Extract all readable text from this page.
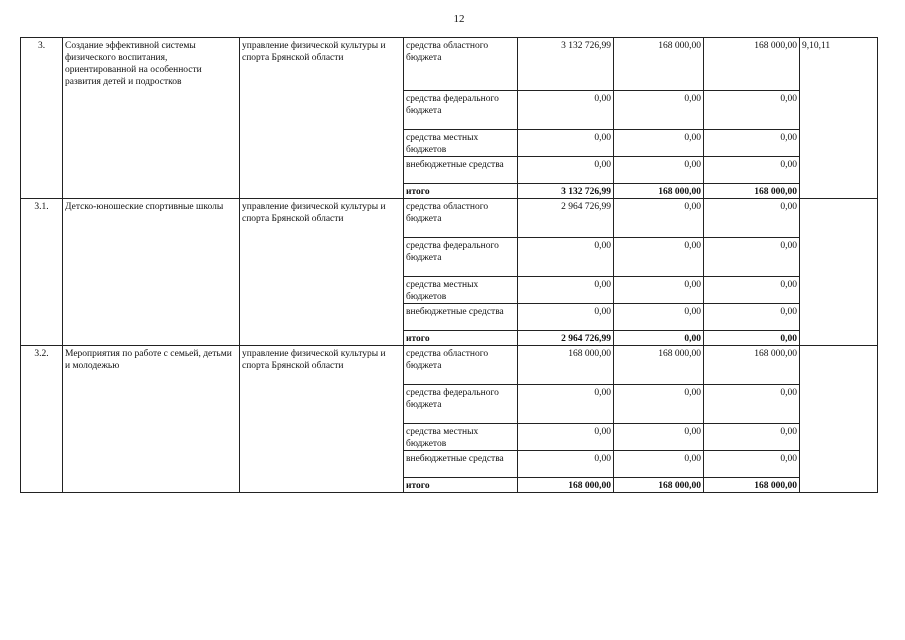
12
3.	Создание эффективной системы физического воспитания, ориентированной на особенности развития детей и подростков	управление физической культуры и спорта Брянской области	средства областного бюджета	3 132 726,99	168 000,00	168 000,00	9,10,11
			средства федерального бюджета	0,00	0,00	0,00	
			средства местных бюджетов	0,00	0,00	0,00	
			внебюджетные средства	0,00	0,00	0,00	
			итого	3 132 726,99	168 000,00	168 000,00	
3.1.	Детско-юношеские спортивные школы	управление физической культуры и спорта Брянской области	средства областного бюджета	2 964 726,99	0,00	0,00	
			средства федерального бюджета	0,00	0,00	0,00	
			средства местных бюджетов	0,00	0,00	0,00	
			внебюджетные средства	0,00	0,00	0,00	
			итого	2 964 726,99	0,00	0,00	
3.2.	Мероприятия по работе с семьей, детьми и молодежью	управление физической культуры и спорта Брянской области	средства областного бюджета	168 000,00	168 000,00	168 000,00	
			средства федерального бюджета	0,00	0,00	0,00	
			средства местных бюджетов	0,00	0,00	0,00	
			внебюджетные средства	0,00	0,00	0,00	
			итого	168 000,00	168 000,00	168 000,00	
